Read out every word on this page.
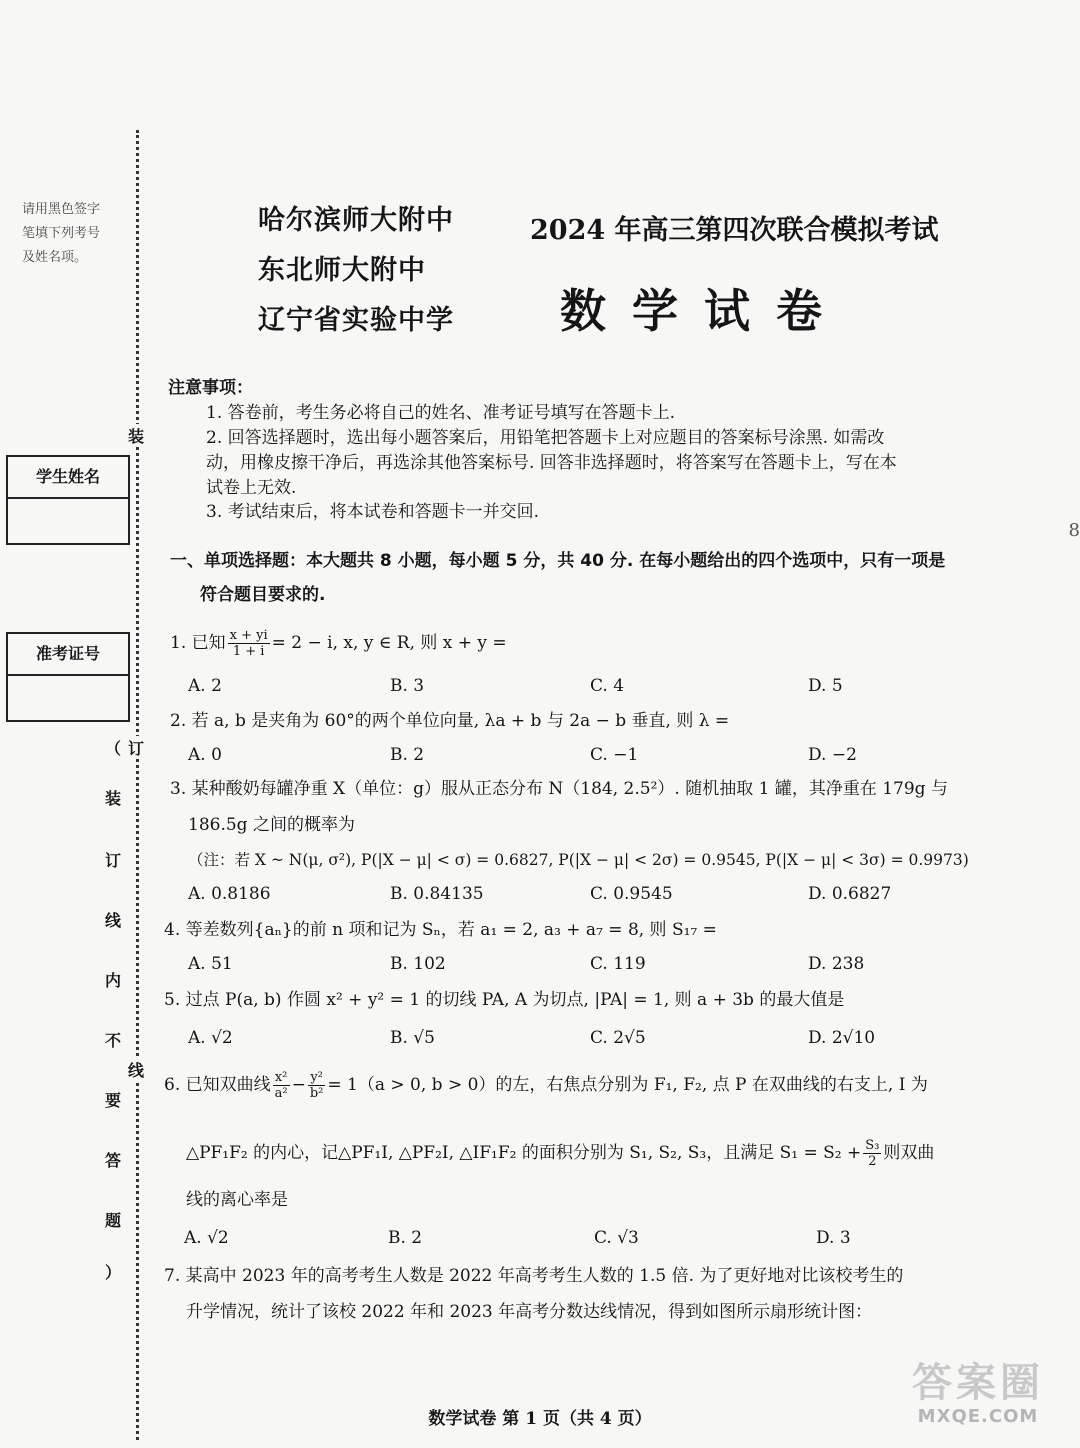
请用黑色签字
笔填下列考号
及姓名项。
学生姓名
准考证号
装
订
线
（
装
订
线
内
不
要
答
题
）
哈尔滨师大附中
东北师大附中
辽宁省实验中学
2024 年高三第四次联合模拟考试
数学试卷
注意事项：
1. 答卷前，考生务必将自己的姓名、准考证号填写在答题卡上.
2. 回答选择题时，选出每小题答案后，用铅笔把答题卡上对应题目的答案标号涂黑. 如需改
动，用橡皮擦干净后，再选涂其他答案标号. 回答非选择题时，将答案写在答题卡上，写在本
试卷上无效.
3. 考试结束后，将本试卷和答题卡一并交回.
一、单项选择题：本大题共 8 小题，每小题 5 分，共 40 分. 在每小题给出的四个选项中，只有一项是
符合题目要求的.
1. 已知 $\frac{x + yi}{1 + i} = 2 - i$, x, y ∈ R, 则 x + y =
A. 2	B. 3	C. 4	D. 5
2. 若 a, b 是夹角为 60°的两个单位向量, λa + b 与 2a − b 垂直, 则 λ =
A. 0	B. 2	C. −1	D. −2
3. 某种酸奶每罐净重 X（单位：g）服从正态分布 N（184, 2.5²）. 随机抽取 1 罐，其净重在 179g 与
186.5g 之间的概率为
（注：若 X ~ N(μ, σ²), P(|X − μ| < σ) = 0.6827, P(|X − μ| < 2σ) = 0.9545, P(|X − μ| < 3σ) = 0.9973)
A. 0.8186	B. 0.84135	C. 0.9545	D. 0.6827
4. 等差数列{aₙ}的前 n 项和记为 Sₙ，若 a₁ = 2, a₃ + a₇ = 8, 则 S₁₇ =
A. 51	B. 102	C. 119	D. 238
5. 过点 P(a, b) 作圆 x² + y² = 1 的切线 PA, A 为切点, |PA| = 1, 则 a + 3b 的最大值是
A. √2	B. √5	C. 2√5	D. 2√10
6. 已知双曲线 $\frac{\text{x²}}{\text{a²}} - \frac{\text{y²}}{\text{b²}} = 1(a > 0$, b > 0）的左，右焦点分别为 F₁, F₂, 点 P 在双曲线的右支上, I 为
△PF₁F₂ 的内心，记△PF₁I, △PF₂I, △IF₁F₂ 的面积分别为 S₁, S₂, S₃，且满足 $S_1 = S_2 + \frac{\text{S₃}}{2}$ 则双曲
线的离心率是
A. √2	B. 2	C. √3	D. 3
7. 某高中 2023 年的高考考生人数是 2022 年高考考生人数的 1.5 倍. 为了更好地对比该校考生的
升学情况，统计了该校 2022 年和 2023 年高考分数达线情况，得到如图所示扇形统计图：
数学试卷 第 1 页（共 4 页）
答案圈
MXQE.COM
8
